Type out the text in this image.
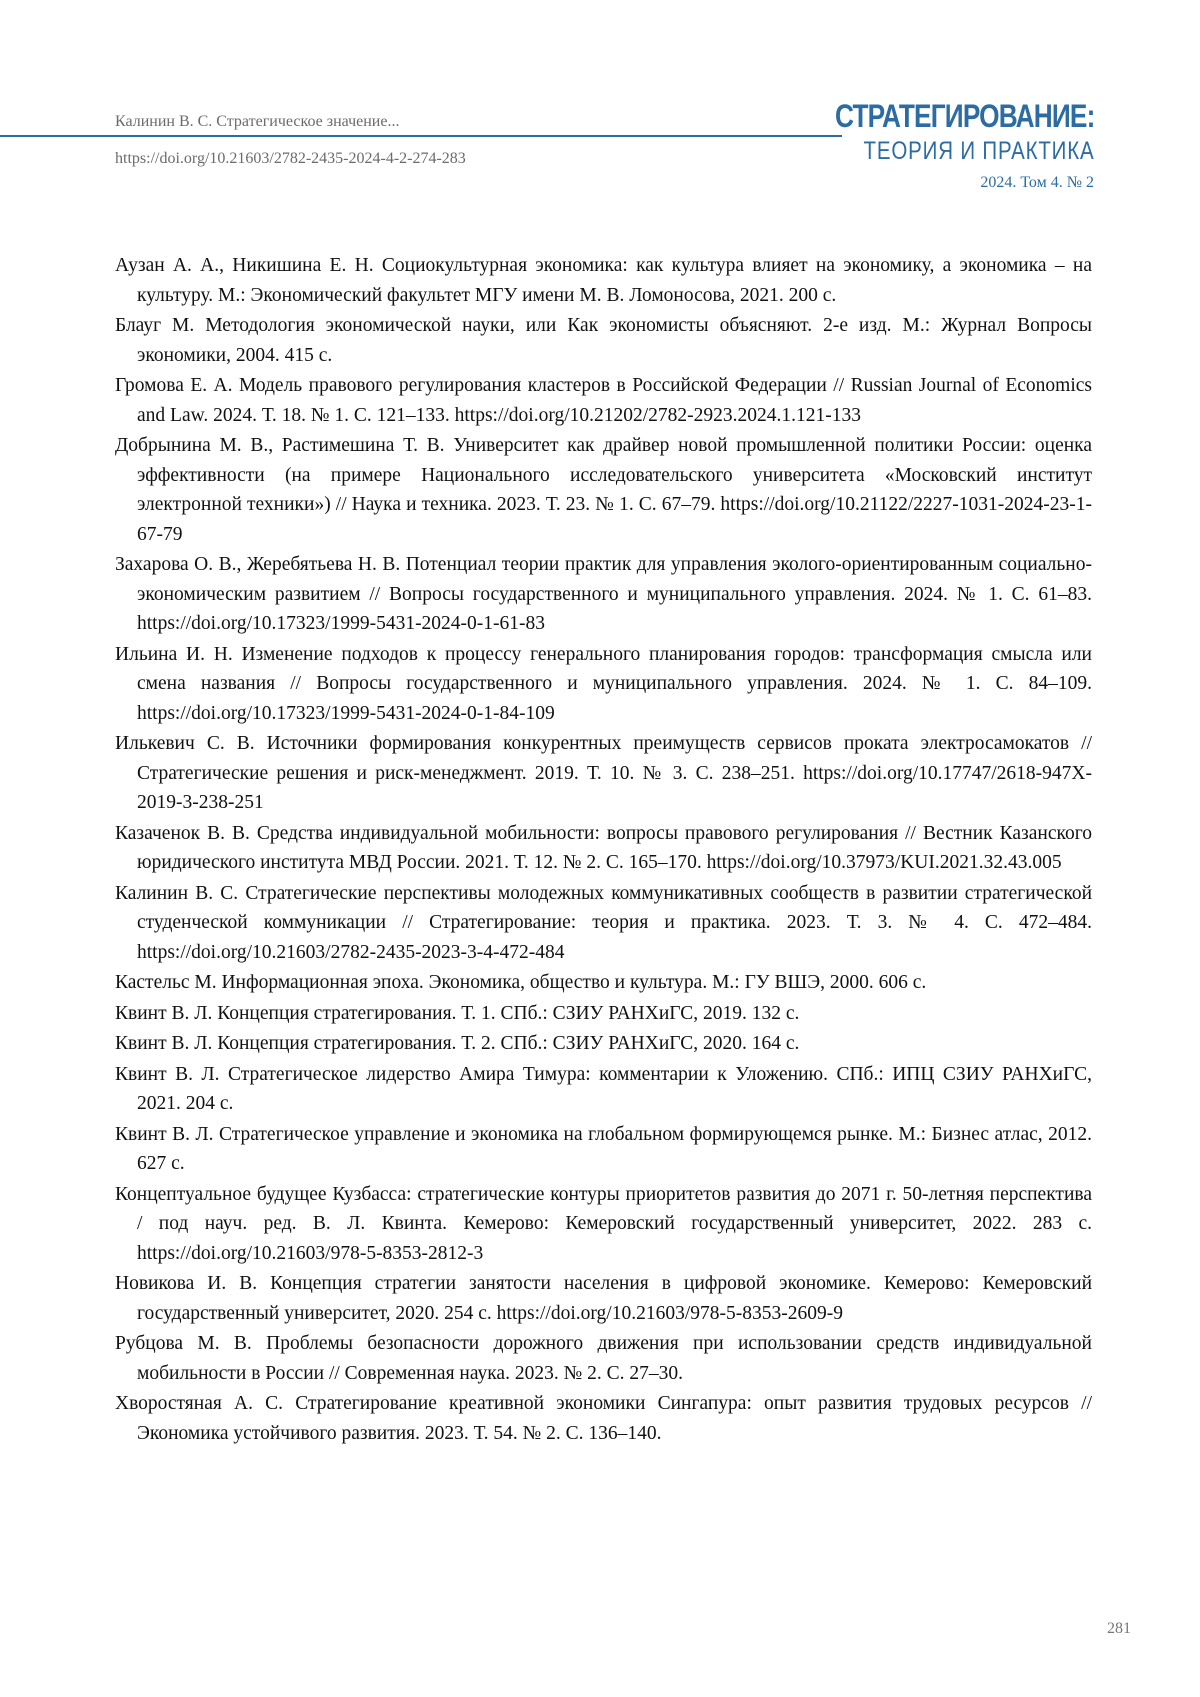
Калинин В. С. Стратегическое значение...
https://doi.org/10.21603/2782-2435-2024-4-2-274-283
СТРАТЕГИРОВАНИЕ:
ТЕОРИЯ И ПРАКТИКА
2024. Том 4. № 2
Аузан А. А., Никишина Е. Н. Социокультурная экономика: как культура влияет на экономику, а экономика – на культуру. М.: Экономический факультет МГУ имени М. В. Ломоносова, 2021. 200 с.
Блауг М. Методология экономической науки, или Как экономисты объясняют. 2-е изд. М.: Журнал Вопросы экономики, 2004. 415 с.
Громова Е. А. Модель правового регулирования кластеров в Российской Федерации // Russian Journal of Economics and Law. 2024. Т. 18. № 1. С. 121–133. https://doi.org/10.21202/2782-2923.2024.1.121-133
Добрынина М. В., Растимешина Т. В. Университет как драйвер новой промышленной политики России: оценка эффективности (на примере Национального исследовательского университета «Московский институт электронной техники») // Наука и техника. 2023. Т. 23. № 1. С. 67–79. https://doi.org/10.21122/2227-1031-2024-23-1-67-79
Захарова О. В., Жеребятьева Н. В. Потенциал теории практик для управления эколого-ориентированным социально-экономическим развитием // Вопросы государственного и муниципального управления. 2024. № 1. С. 61–83. https://doi.org/10.17323/1999-5431-2024-0-1-61-83
Ильина И. Н. Изменение подходов к процессу генерального планирования городов: трансформация смысла или смена названия // Вопросы государственного и муниципального управления. 2024. № 1. С. 84–109. https://doi.org/10.17323/1999-5431-2024-0-1-84-109
Илькевич С. В. Источники формирования конкурентных преимуществ сервисов проката электросамокатов // Стратегические решения и риск-менеджмент. 2019. Т. 10. № 3. С. 238–251. https://doi.org/10.17747/2618-947X-2019-3-238-251
Казаченок В. В. Средства индивидуальной мобильности: вопросы правового регулирования // Вестник Казанского юридического института МВД России. 2021. Т. 12. № 2. С. 165–170. https://doi.org/10.37973/KUI.2021.32.43.005
Калинин В. С. Стратегические перспективы молодежных коммуникативных сообществ в развитии стратегической студенческой коммуникации // Стратегирование: теория и практика. 2023. Т. 3. № 4. С. 472–484. https://doi.org/10.21603/2782-2435-2023-3-4-472-484
Кастельс М. Информационная эпоха. Экономика, общество и культура. М.: ГУ ВШЭ, 2000. 606 с.
Квинт В. Л. Концепция стратегирования. Т. 1. СПб.: СЗИУ РАНХиГС, 2019. 132 с.
Квинт В. Л. Концепция стратегирования. Т. 2. СПб.: СЗИУ РАНХиГС, 2020. 164 с.
Квинт В. Л. Стратегическое лидерство Амира Тимура: комментарии к Уложению. СПб.: ИПЦ СЗИУ РАНХиГС, 2021. 204 с.
Квинт В. Л. Стратегическое управление и экономика на глобальном формирующемся рынке. М.: Бизнес атлас, 2012. 627 с.
Концептуальное будущее Кузбасса: стратегические контуры приоритетов развития до 2071 г. 50-летняя перспектива / под науч. ред. В. Л. Квинта. Кемерово: Кемеровский государственный университет, 2022. 283 с. https://doi.org/10.21603/978-5-8353-2812-3
Новикова И. В. Концепция стратегии занятости населения в цифровой экономике. Кемерово: Кемеровский государственный университет, 2020. 254 с. https://doi.org/10.21603/978-5-8353-2609-9
Рубцова М. В. Проблемы безопасности дорожного движения при использовании средств индивидуальной мобильности в России // Современная наука. 2023. № 2. С. 27–30.
Хворостяная А. С. Стратегирование креативной экономики Сингапура: опыт развития трудовых ресурсов // Экономика устойчивого развития. 2023. Т. 54. № 2. С. 136–140.
281
